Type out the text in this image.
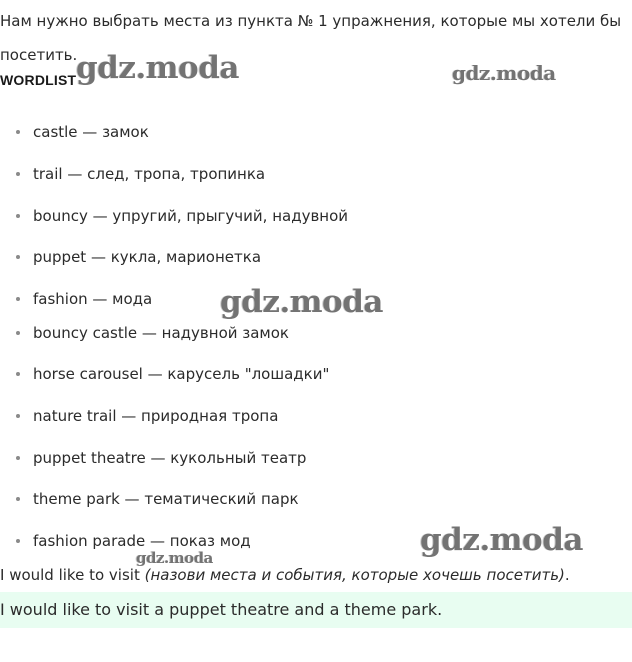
Нам нужно выбрать места из пункта № 1 упражнения, которые мы хотели бы посетить.

WORDLIST
castle — замок
trail — след, тропа, тропинка
bouncy — упругий, прыгучий, надувной
puppet — кукла, марионетка
fashion — мода
bouncy castle — надувной замок
horse carousel — карусель "лошадки"
nature trail — природная тропа
puppet theatre — кукольный театр
theme park — тематический парк
fashion parade — показ мод

I would like to visit (назови места и события, которые хочешь посетить).

I would like to visit a puppet theatre and a theme park.
gdz.moda	gdz.moda
gdz.moda
gdz.moda
gdz.moda
